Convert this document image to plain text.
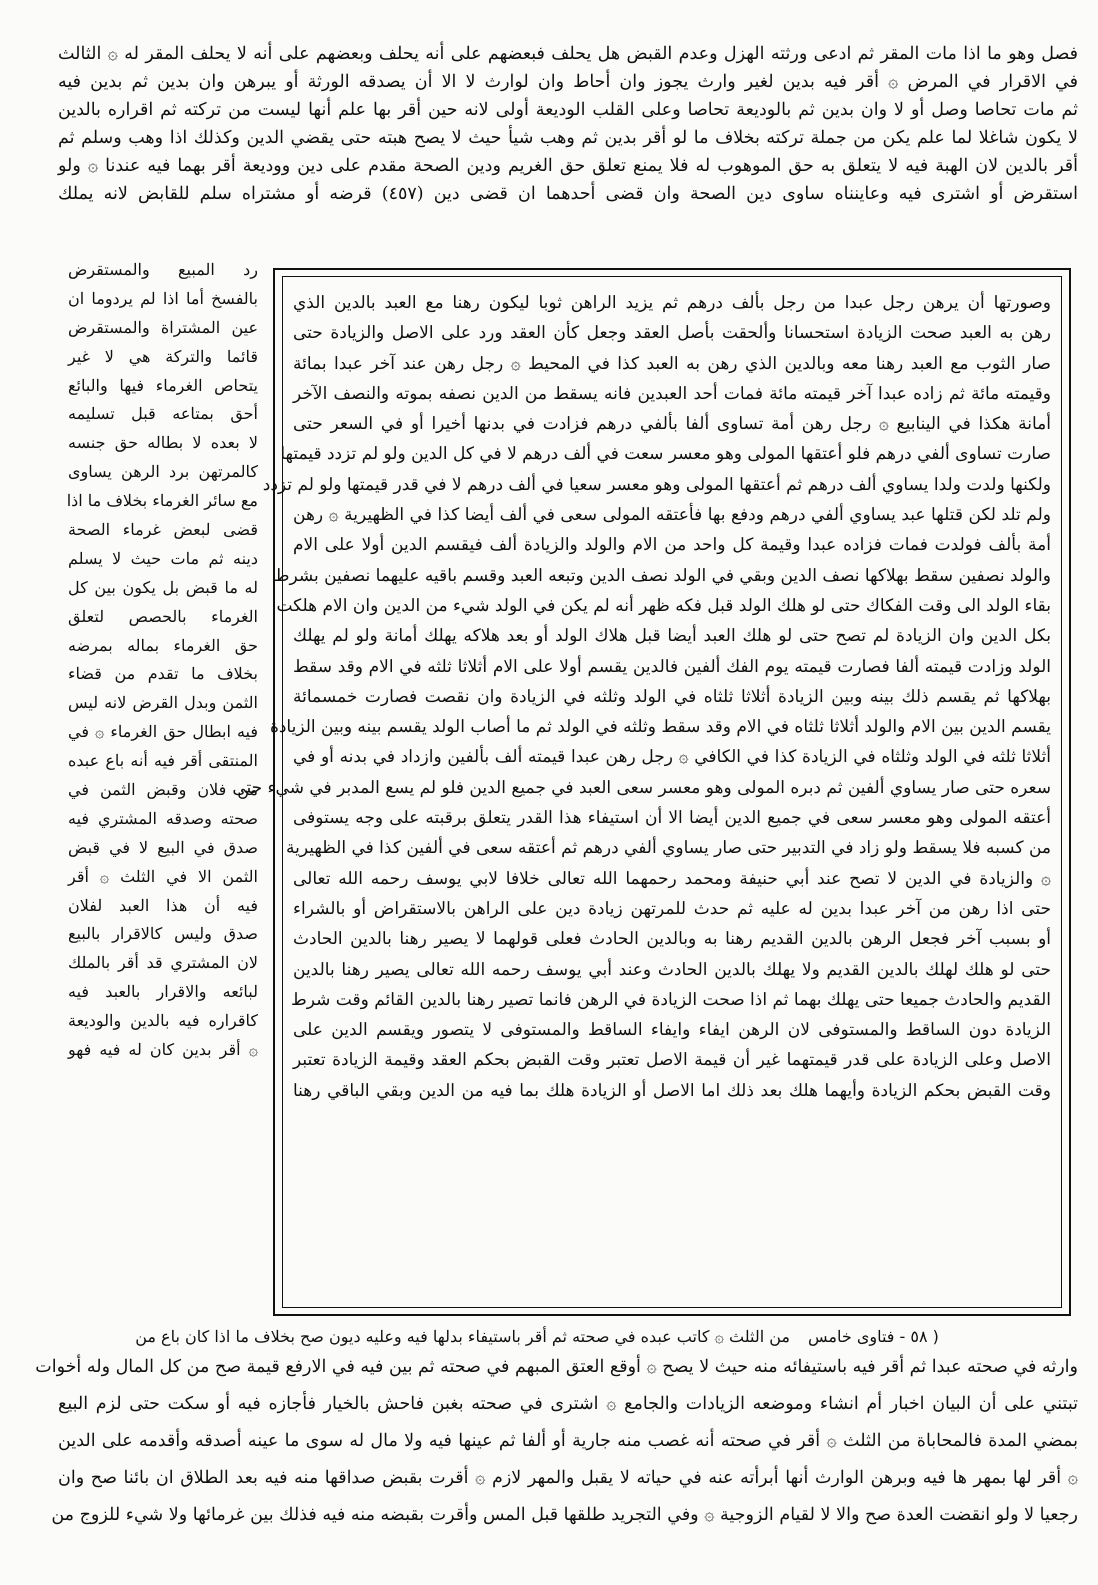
فصل وهو ما اذا مات المقر ثم ادعى ورثته الهزل وعدم القبض هل يحلف فبعضهم على أنه يحلف وبعضهم على أنه لا يحلف المقر له ۞ الثالث
في الاقرار في المرض ۞ أقر فيه بدين لغير وارث يجوز وان أحاط وان لوارث لا الا أن يصدقه الورثة أو يبرهن وان بدين ثم بدين فيه
ثم مات تحاصا وصل أو لا وان بدين ثم بالوديعة تحاصا وعلى القلب الوديعة أولى لانه حين أقر بها علم أنها ليست من تركته ثم اقراره بالدين
لا يكون شاغلا لما علم يكن من جملة تركته بخلاف ما لو أقر بدين ثم وهب شيأ حيث لا يصح هبته حتى يقضي الدين وكذلك اذا وهب وسلم ثم
أقر بالدين لان الهبة فيه لا يتعلق به حق الموهوب له فلا يمنع تعلق حق الغريم ودين الصحة مقدم على دين ووديعة أقر بهما فيه عندنا ۞ ولو
استقرض أو اشترى فيه وعاينناه ساوى دين الصحة وان قضى أحدهما ان قضى دين (٤٥٧) قرضه أو مشتراه سلم للقابض لانه يملك
رد المبيع والمستقرض
بالفسخ أما اذا لم يردوما ان
عين المشتراة والمستقرض
قائما والتركة هي لا غير
يتحاص الغرماء فيها والبائع
أحق بمتاعه قبل تسليمه
لا بعده لا بطاله حق جنسه
كالمرتهن برد الرهن يساوى
مع سائر الغرماء بخلاف ما اذا
قضى لبعض غرماء الصحة
دينه ثم مات حيث لا يسلم
له ما قبض بل يكون بين كل
الغرماء بالحصص لتعلق
حق الغرماء بماله بمرضه
بخلاف ما تقدم من قضاء
الثمن وبدل القرض لانه ليس
فيه ابطال حق الغرماء ۞ في
المنتقى أقر فيه أنه باع عبده
من فلان وقبض الثمن في
صحته وصدقه المشتري فيه
صدق في البيع لا في قبض
الثمن الا في الثلث ۞ أقر
فيه أن هذا العبد لفلان
صدق وليس كالاقرار بالبيع
لان المشتري قد أقر بالملك
لبائعه والاقرار بالعبد فيه
كاقراره فيه بالدين والوديعة
۞ أقر بدين كان له فيه فهو
وصورتها أن يرهن رجل عبدا من رجل بألف درهم ثم يزيد الراهن ثوبا ليكون رهنا مع العبد بالدين الذي
رهن به العبد صحت الزيادة استحسانا وألحقت بأصل العقد وجعل كأن العقد ورد على الاصل والزيادة حتى
صار الثوب مع العبد رهنا معه وبالدين الذي رهن به العبد كذا في المحيط ۞ رجل رهن عند آخر عبدا بمائة
وقيمته مائة ثم زاده عبدا آخر قيمته مائة فمات أحد العبدين فانه يسقط من الدين نصفه بموته والنصف الآخر
أمانة هكذا في الينابيع ۞ رجل رهن أمة تساوى ألفا بألفي درهم فزادت في بدنها أخيرا أو في السعر حتى
صارت تساوى ألفي درهم فلو أعتقها المولى وهو معسر سعت في ألف درهم لا في كل الدين ولو لم تزدد قيمتها
ولكنها ولدت ولدا يساوي ألف درهم ثم أعتقها المولى وهو معسر سعيا في ألف درهم لا في قدر قيمتها ولو لم تزدد
ولم تلد لكن قتلها عبد يساوي ألفي درهم ودفع بها فأعتقه المولى سعى في ألف أيضا كذا في الظهيرية ۞ رهن
أمة بألف فولدت فمات فزاده عبدا وقيمة كل واحد من الام والولد والزيادة ألف فيقسم الدين أولا على الام
والولد نصفين سقط بهلاكها نصف الدين وبقي في الولد نصف الدين وتبعه العبد وقسم باقيه عليهما نصفين بشرط
بقاء الولد الى وقت الفكاك حتى لو هلك الولد قبل فكه ظهر أنه لم يكن في الولد شيء من الدين وان الام هلكت
بكل الدين وان الزيادة لم تصح حتى لو هلك العبد أيضا قبل هلاك الولد أو بعد هلاكه يهلك أمانة ولو لم يهلك
الولد وزادت قيمته ألفا فصارت قيمته يوم الفك ألفين فالدين يقسم أولا على الام أثلاثا ثلثه في الام وقد سقط
بهلاكها ثم يقسم ذلك بينه وبين الزيادة أثلاثا ثلثاه في الولد وثلثه في الزيادة وان نقصت فصارت خمسمائة
يقسم الدين بين الام والولد أثلاثا ثلثاه في الام وقد سقط وثلثه في الولد ثم ما أصاب الولد يقسم بينه وبين الزيادة
أثلاثا ثلثه في الولد وثلثاه في الزيادة كذا في الكافي ۞ رجل رهن عبدا قيمته ألف بألفين وازداد في بدنه أو في
سعره حتى صار يساوي ألفين ثم دبره المولى وهو معسر سعى العبد في جميع الدين فلو لم يسع المدبر في شيء حتى
أعتقه المولى وهو معسر سعى في جميع الدين أيضا الا أن استيفاء هذا القدر يتعلق برقبته على وجه يستوفى
من كسبه فلا يسقط ولو زاد في التدبير حتى صار يساوي ألفي درهم ثم أعتقه سعى في ألفين كذا في الظهيرية
۞ والزيادة في الدين لا تصح عند أبي حنيفة ومحمد رحمهما الله تعالى خلافا لابي يوسف رحمه الله تعالى
حتى اذا رهن من آخر عبدا بدين له عليه ثم حدث للمرتهن زيادة دين على الراهن بالاستقراض أو بالشراء
أو بسبب آخر فجعل الرهن بالدين القديم رهنا به وبالدين الحادث فعلى قولهما لا يصير رهنا بالدين الحادث
حتى لو هلك لهلك بالدين القديم ولا يهلك بالدين الحادث وعند أبي يوسف رحمه الله تعالى يصير رهنا بالدين
القديم والحادث جميعا حتى يهلك بهما ثم اذا صحت الزيادة في الرهن فانما تصير رهنا بالدين القائم وقت شرط
الزيادة دون الساقط والمستوفى لان الرهن ايفاء وايفاء الساقط والمستوفى لا يتصور ويقسم الدين على
الاصل وعلى الزيادة على قدر قيمتهما غير أن قيمة الاصل تعتبر وقت القبض بحكم العقد وقيمة الزيادة تعتبر
وقت القبض بحكم الزيادة وأيهما هلك بعد ذلك اما الاصل أو الزيادة هلك بما فيه من الدين وبقي الباقي رهنا
( ٥٨ - فتاوى خامس
من الثلث ۞ كاتب عبده في صحته ثم أقر باستيفاء بدلها فيه وعليه ديون صح بخلاف ما اذا كان باع من
وارثه في صحته عبدا ثم أقر فيه باستيفائه منه حيث لا يصح ۞ أوقع العتق المبهم في صحته ثم بين فيه في الارفع قيمة صح من كل المال وله أخوات
تبتني على أن البيان اخبار أم انشاء وموضعه الزيادات والجامع ۞ اشترى في صحته بغبن فاحش بالخيار فأجازه فيه أو سكت حتى لزم البيع
بمضي المدة فالمحاباة من الثلث ۞ أقر في صحته أنه غصب منه جارية أو ألفا ثم عينها فيه ولا مال له سوى ما عينه أصدقه وأقدمه على الدين
۞ أقر لها بمهر ها فيه وبرهن الوارث أنها أبرأته عنه في حياته لا يقبل والمهر لازم ۞ أقرت بقبض صداقها منه فيه بعد الطلاق ان بائنا صح وان
رجعيا لا ولو انقضت العدة صح والا لا لقيام الزوجية ۞ وفي التجريد طلقها قبل المس وأقرت بقبضه منه فيه فذلك بين غرمائها ولا شيء للزوج من
